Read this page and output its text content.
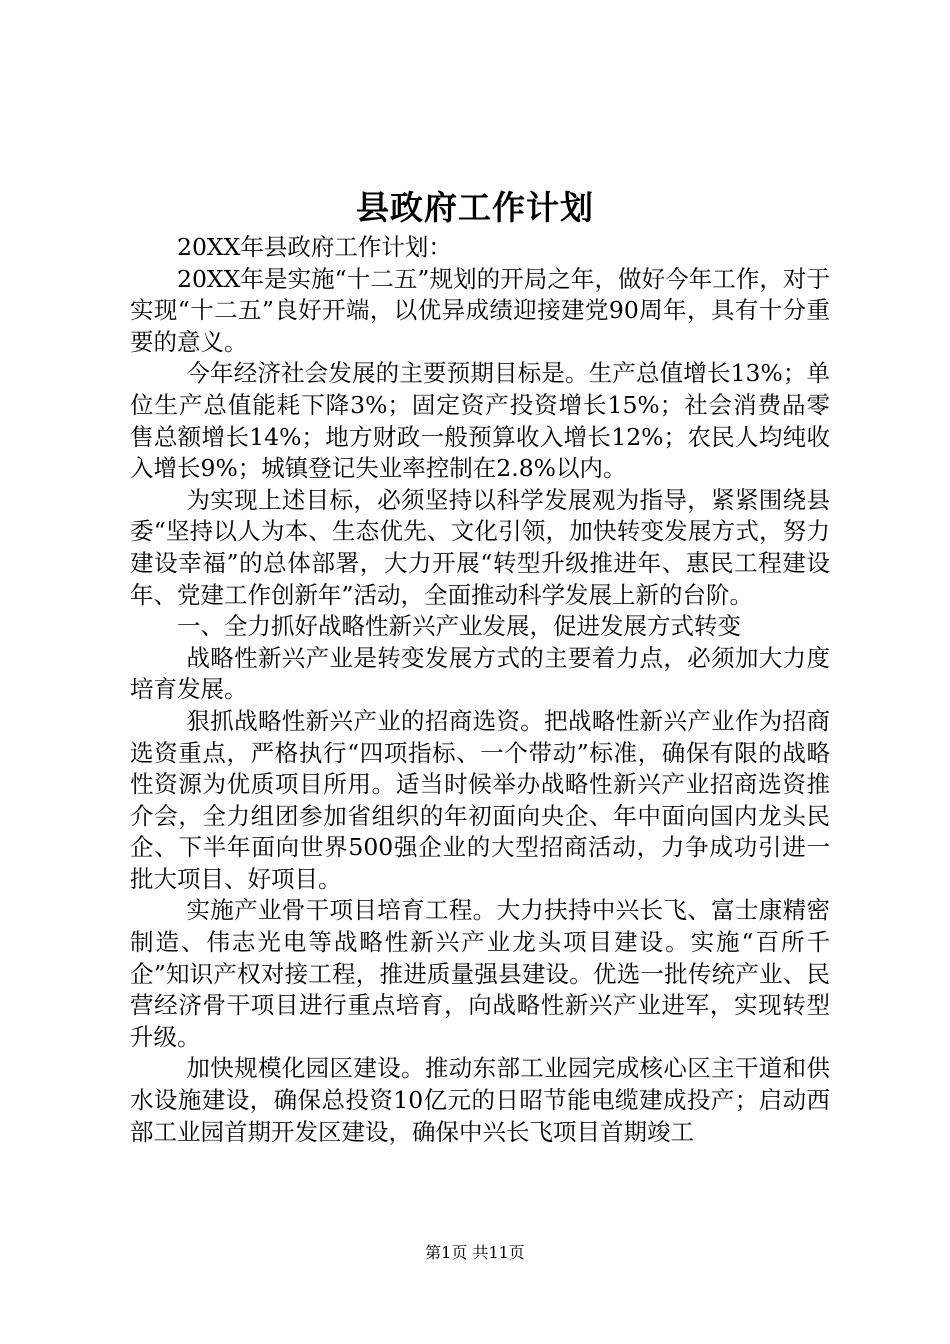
县政府工作计划

20XX年县政府工作计划：

20XX年是实施“十二五”规划的开局之年，做好今年工作，对于实现“十二五”良好开端，以优异成绩迎接建党90周年，具有十分重要的意义。

今年经济社会发展的主要预期目标是。生产总值增长13%；单位生产总值能耗下降3%；固定资产投资增长15%；社会消费品零售总额增长14%；地方财政一般预算收入增长12%；农民人均纯收入增长9%；城镇登记失业率控制在2.8%以内。

为实现上述目标，必须坚持以科学发展观为指导，紧紧围绕县委“坚持以人为本、生态优先、文化引领，加快转变发展方式，努力建设幸福”的总体部署，大力开展“转型升级推进年、惠民工程建设年、党建工作创新年”活动，全面推动科学发展上新的台阶。

一、全力抓好战略性新兴产业发展，促进发展方式转变

战略性新兴产业是转变发展方式的主要着力点，必须加大力度培育发展。

狠抓战略性新兴产业的招商选资。把战略性新兴产业作为招商选资重点，严格执行“四项指标、一个带动”标准，确保有限的战略性资源为优质项目所用。适当时候举办战略性新兴产业招商选资推介会，全力组团参加省组织的年初面向央企、年中面向国内龙头民企、下半年面向世界500强企业的大型招商活动，力争成功引进一批大项目、好项目。

实施产业骨干项目培育工程。大力扶持中兴长飞、富士康精密制造、伟志光电等战略性新兴产业龙头项目建设。实施“百所千企”知识产权对接工程，推进质量强县建设。优选一批传统产业、民营经济骨干项目进行重点培育，向战略性新兴产业进军，实现转型升级。

加快规模化园区建设。推动东部工业园完成核心区主干道和供水设施建设，确保总投资10亿元的日昭节能电缆建成投产；启动西部工业园首期开发区建设，确保中兴长飞项目首期竣工

第1页 共11页
